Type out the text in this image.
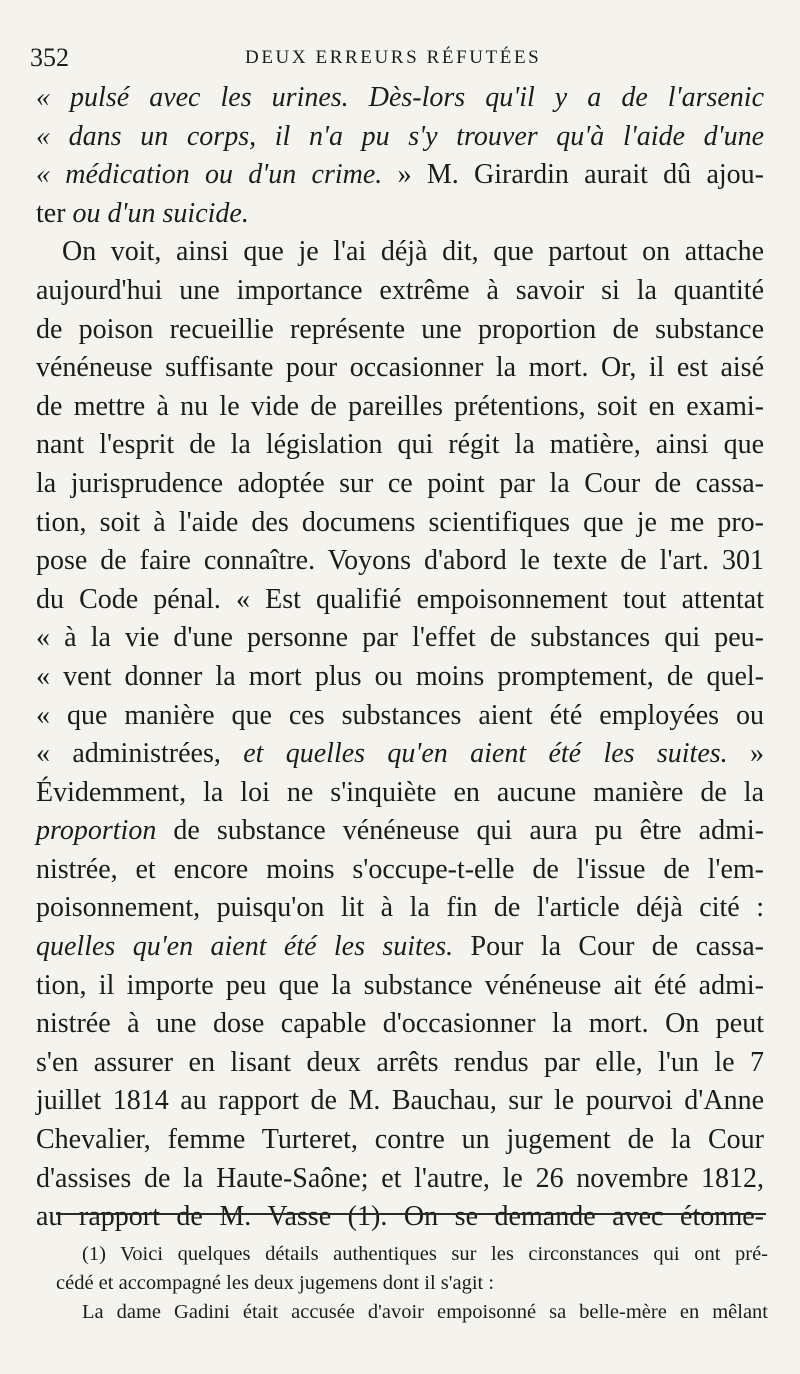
352	DEUX ERREURS RÉFUTÉES
« pulsé avec les urines. Dès-lors qu'il y a de l'arsenic
« dans un corps, il n'a pu s'y trouver qu'à l'aide d'une
« médication ou d'un crime. » M. Girardin aurait dû ajou-
ter ou d'un suicide.
On voit, ainsi que je l'ai déjà dit, que partout on attache
aujourd'hui une importance extrême à savoir si la quantité
de poison recueillie représente une proportion de substance
vénéneuse suffisante pour occasionner la mort. Or, il est aisé
de mettre à nu le vide de pareilles prétentions, soit en exami-
nant l'esprit de la législation qui régit la matière, ainsi que
la jurisprudence adoptée sur ce point par la Cour de cassa-
tion, soit à l'aide des documens scientifiques que je me pro-
pose de faire connaître. Voyons d'abord le texte de l'art. 301
du Code pénal. « Est qualifié empoisonnement tout attentat
« à la vie d'une personne par l'effet de substances qui peu-
« vent donner la mort plus ou moins promptement, de quel-
« que manière que ces substances aient été employées ou
« administrées, et quelles qu'en aient été les suites. »
Évidemment, la loi ne s'inquiète en aucune manière de la
proportion de substance vénéneuse qui aura pu être admi-
nistrée, et encore moins s'occupe-t-elle de l'issue de l'em-
poisonnement, puisqu'on lit à la fin de l'article déjà cité :
quelles qu'en aient été les suites. Pour la Cour de cassa-
tion, il importe peu que la substance vénéneuse ait été admi-
nistrée à une dose capable d'occasionner la mort. On peut
s'en assurer en lisant deux arrêts rendus par elle, l'un le 7
juillet 1814 au rapport de M. Bauchau, sur le pourvoi d'Anne
Chevalier, femme Turteret, contre un jugement de la Cour
d'assises de la Haute-Saône; et l'autre, le 26 novembre 1812,
au rapport de M. Vasse (1). On se demande avec étonne-
(1) Voici quelques détails authentiques sur les circonstances qui ont pré-
cédé et accompagné les deux jugemens dont il s'agit :
La dame Gadini était accusée d'avoir empoisonné sa belle-mère en mêlant
